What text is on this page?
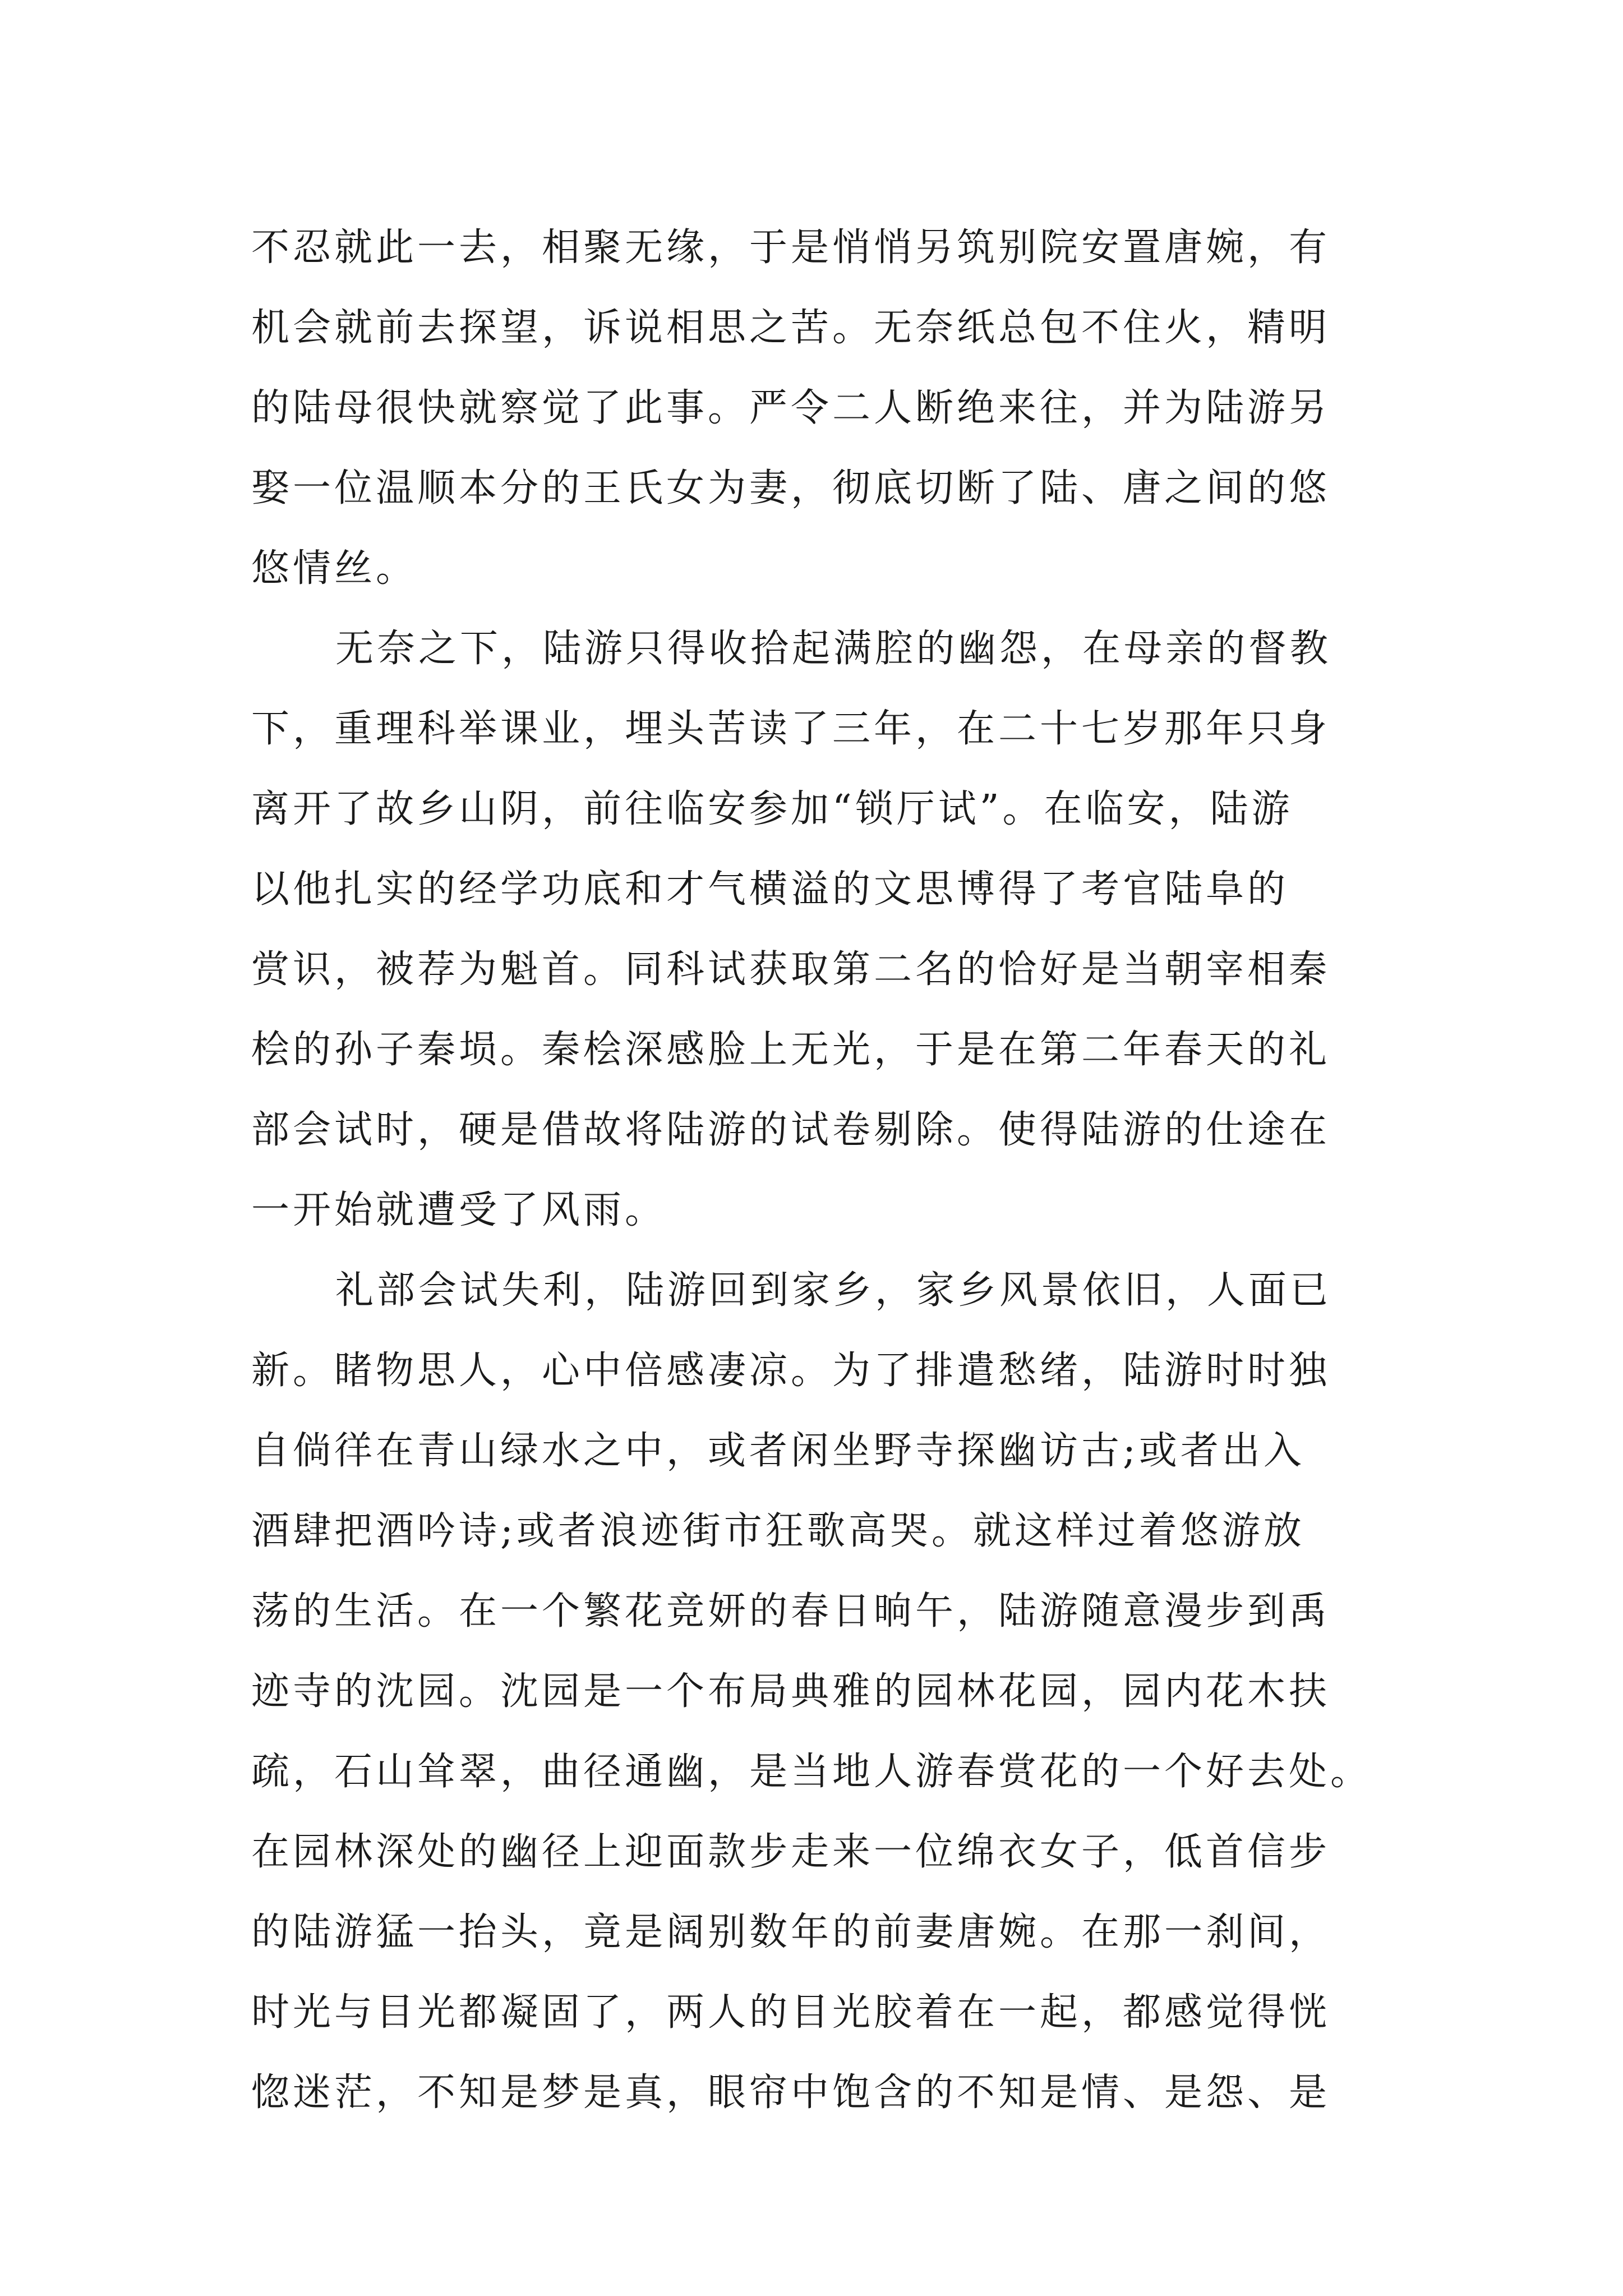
不忍就此一去，相聚无缘，于是悄悄另筑别院安置唐婉，有
机会就前去探望，诉说相思之苦。无奈纸总包不住火，精明
的陆母很快就察觉了此事。严令二人断绝来往，并为陆游另
娶一位温顺本分的王氏女为妻，彻底切断了陆、唐之间的悠
悠情丝。
无奈之下，陆游只得收拾起满腔的幽怨，在母亲的督教
下，重理科举课业，埋头苦读了三年，在二十七岁那年只身
离开了故乡山阴，前往临安参加“锁厅试”。在临安，陆游
以他扎实的经学功底和才气横溢的文思博得了考官陆阜的
赏识，被荐为魁首。同科试获取第二名的恰好是当朝宰相秦
桧的孙子秦埙。秦桧深感脸上无光，于是在第二年春天的礼
部会试时，硬是借故将陆游的试卷剔除。使得陆游的仕途在
一开始就遭受了风雨。
礼部会试失利，陆游回到家乡，家乡风景依旧，人面已
新。睹物思人，心中倍感凄凉。为了排遣愁绪，陆游时时独
自倘徉在青山绿水之中，或者闲坐野寺探幽访古;或者出入
酒肆把酒吟诗;或者浪迹街市狂歌高哭。就这样过着悠游放
荡的生活。在一个繁花竞妍的春日晌午，陆游随意漫步到禹
迹寺的沈园。沈园是一个布局典雅的园林花园，园内花木扶
疏，石山耸翠，曲径通幽，是当地人游春赏花的一个好去处。
在园林深处的幽径上迎面款步走来一位绵衣女子，低首信步
的陆游猛一抬头，竟是阔别数年的前妻唐婉。在那一刹间，
时光与目光都凝固了，两人的目光胶着在一起，都感觉得恍
惚迷茫，不知是梦是真，眼帘中饱含的不知是情、是怨、是
